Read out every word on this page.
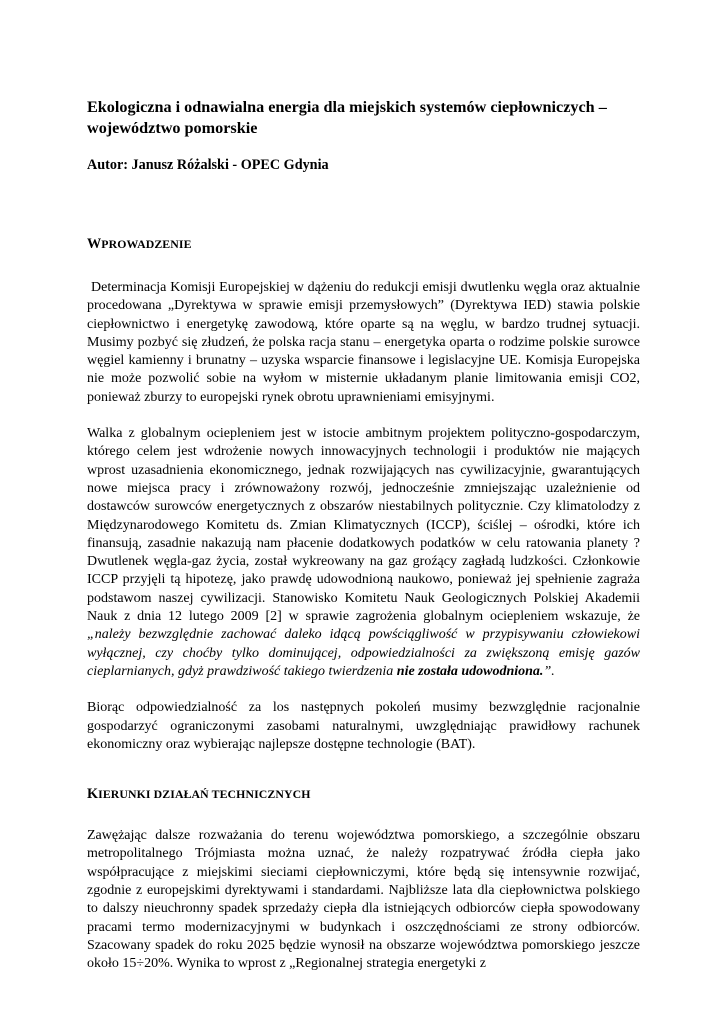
Ekologiczna i odnawialna energia dla miejskich systemów ciepłowniczych –
województwo pomorskie
Autor: Janusz Różalski - OPEC Gdynia
WPROWADZENIE

Determinacja Komisji Europejskiej w dążeniu do redukcji emisji dwutlenku węgla oraz aktualnie procedowana „Dyrektywa w sprawie emisji przemysłowych” (Dyrektywa IED) stawia polskie ciepłownictwo i energetykę zawodową, które oparte są na węglu, w bardzo trudnej sytuacji. Musimy pozbyć się złudzeń, że polska racja stanu – energetyka oparta o rodzime polskie surowce węgiel kamienny i brunatny – uzyska wsparcie finansowe i legislacyjne UE. Komisja Europejska nie może pozwolić sobie na wyłom w misternie układanym planie limitowania emisji CO2, ponieważ zburzy to europejski rynek obrotu uprawnieniami emisyjnymi.

Walka z globalnym ociepleniem jest w istocie ambitnym projektem polityczno-gospodarczym, którego celem jest wdrożenie nowych innowacyjnych technologii i produktów nie mających wprost uzasadnienia ekonomicznego, jednak rozwijających nas cywilizacyjnie, gwarantujących nowe miejsca pracy i zrównoważony rozwój, jednocześnie zmniejszając uzależnienie od dostawców surowców energetycznych z obszarów niestabilnych politycznie. Czy klimatolodzy z Międzynarodowego Komitetu ds. Zmian Klimatycznych (ICCP), ściślej – ośrodki, które ich finansują, zasadnie nakazują nam płacenie dodatkowych podatków w celu ratowania planety ? Dwutlenek węgla-gaz życia, został wykreowany na gaz groźący zagładą ludzkości. Członkowie ICCP przyjęli tą hipotezę, jako prawdę udowodnioną naukowo, ponieważ jej spełnienie zagraża podstawom naszej cywilizacji. Stanowisko Komitetu Nauk Geologicznych Polskiej Akademii Nauk z dnia 12 lutego 2009 [2] w sprawie zagrożenia globalnym ociepleniem wskazuje, że „należy bezwzględnie zachować daleko idącą powściągliwość w przypisywaniu człowiekowi wyłącznej, czy choćby tylko dominującej, odpowiedzialności za zwiększoną emisję gazów cieplarnianych, gdyż prawdziwość takiego twierdzenia nie została udowodniona.”.

Biorąc odpowiedzialność za los następnych pokoleń musimy bezwzględnie racjonalnie gospodarzyć ograniczonymi zasobami naturalnymi, uwzględniając prawidłowy rachunek ekonomiczny oraz wybierając najlepsze dostępne technologie (BAT).

KIERUNKI DZIAŁAŃ TECHNICZNYCH

Zawężając dalsze rozważania do terenu województwa pomorskiego, a szczególnie obszaru metropolitalnego Trójmiasta można uznać, że należy rozpatrywać źródła ciepła jako współpracujące z miejskimi sieciami ciepłowniczymi, które będą się intensywnie rozwijać, zgodnie z europejskimi dyrektywami i standardami. Najbliższe lata dla ciepłownictwa polskiego to dalszy nieuchronny spadek sprzedaży ciepła dla istniejących odbiorców ciepła spowodowany pracami termo modernizacyjnymi w budynkach i oszczędnościami ze strony odbiorców. Szacowany spadek do roku 2025 będzie wynosił na obszarze województwa pomorskiego jeszcze około 15÷20%. Wynika to wprost z „Regionalnej strategia energetyki z
